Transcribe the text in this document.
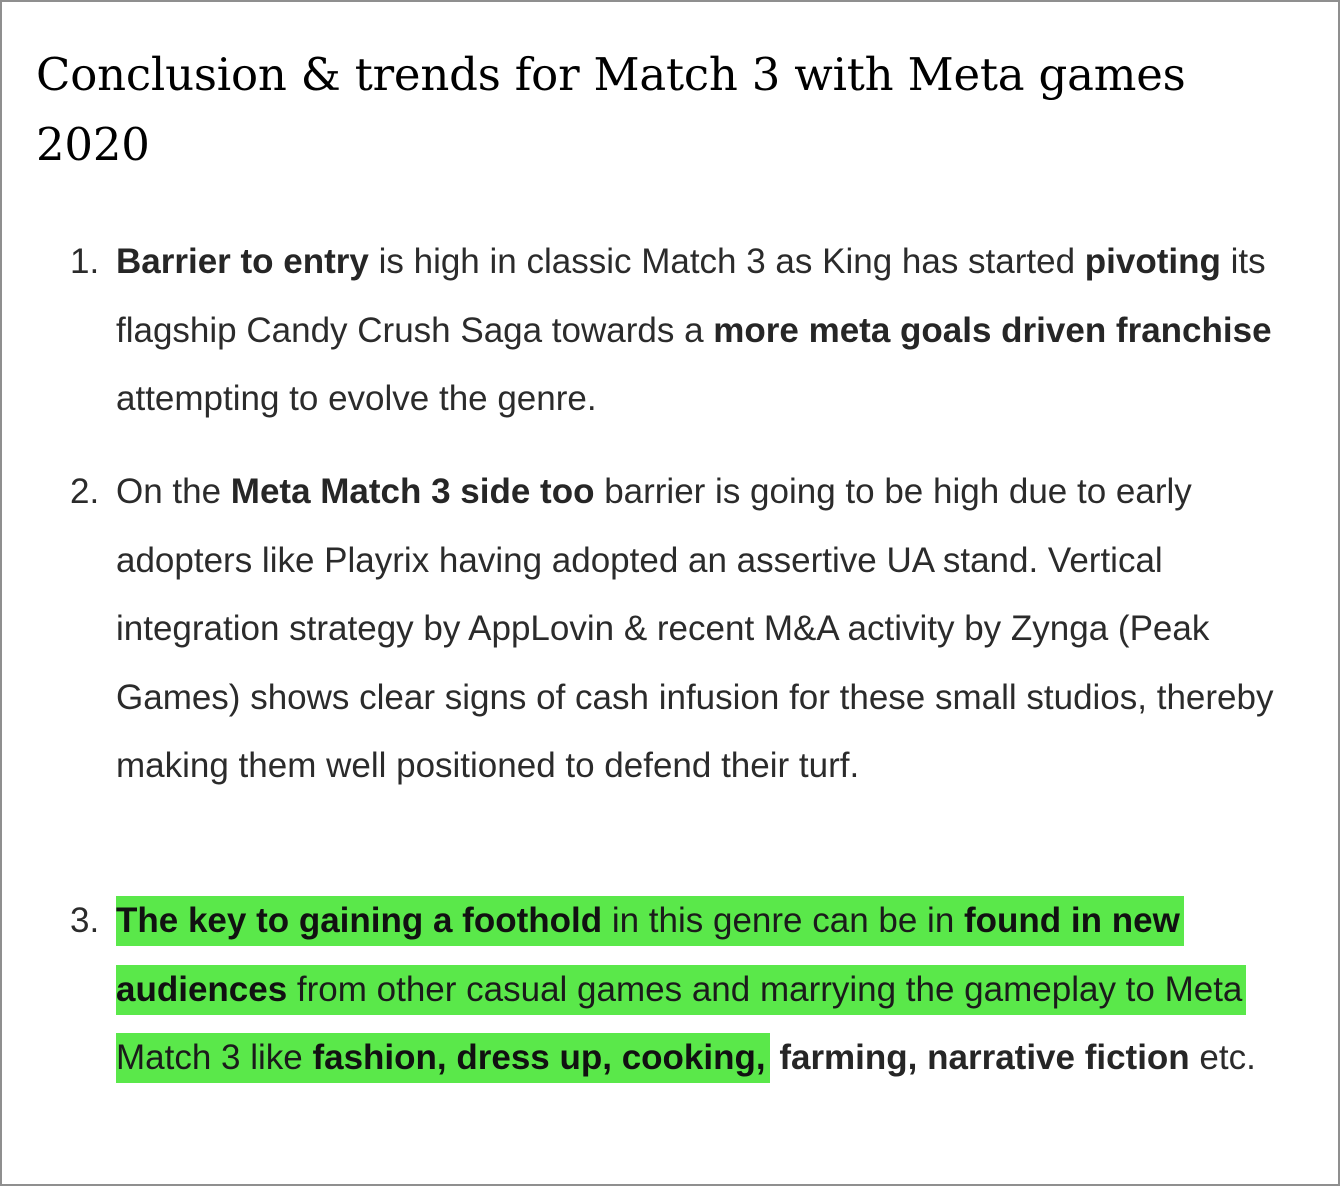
Conclusion & trends for Match 3 with Meta games 2020
1. Barrier to entry is high in classic Match 3 as King has started pivoting its flagship Candy Crush Saga towards a more meta goals driven franchise attempting to evolve the genre.
2. On the Meta Match 3 side too barrier is going to be high due to early adopters like Playrix having adopted an assertive UA stand. Vertical integration strategy by AppLovin & recent M&A activity by Zynga (Peak Games) shows clear signs of cash infusion for these small studios, thereby making them well positioned to defend their turf.
3. The key to gaining a foothold in this genre can be in found in new audiences from other casual games and marrying the gameplay to Meta Match 3 like fashion, dress up, cooking, farming, narrative fiction etc.
